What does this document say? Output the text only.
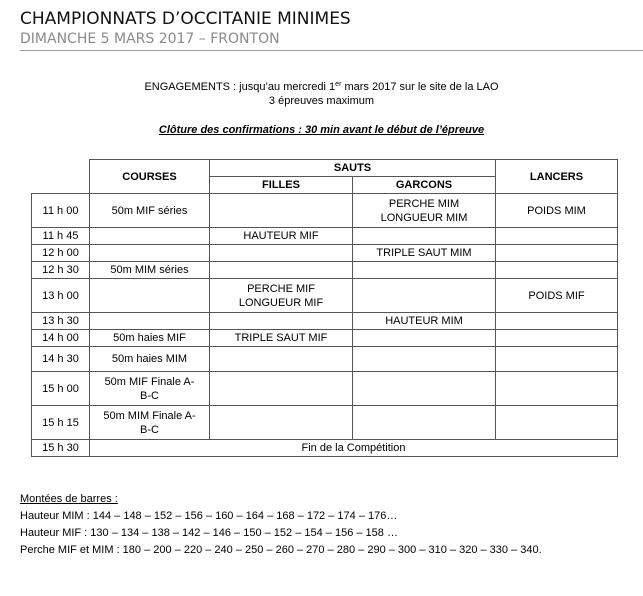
CHAMPIONNATS D’OCCITANIE MINIMES
DIMANCHE 5 MARS 2017 – FRONTON
ENGAGEMENTS : jusqu’au mercredi 1er mars 2017 sur le site de la LAO
3 épreuves maximum
Clôture des confirmations : 30 min avant le début de l’épreuve
	COURSES	SAUTS		LANCERS
		FILLES	GARCONS	
11 h 00	50m MIF séries		PERCHE MIM
LONGUEUR MIM	POIDS MIM
11 h 45		HAUTEUR MIF		
12 h 00			TRIPLE SAUT MIM	
12 h 30	50m MIM séries			
13 h 00		PERCHE MIF
LONGUEUR MIF		POIDS MIF
13 h 30			HAUTEUR MIM	
14 h 00	50m haies MIF	TRIPLE SAUT MIF		
14 h 30	50m haies MIM			
15 h 00	50m MIF Finale A-
B-C			
15 h 15	50m MIM Finale A-
B-C			
15 h 30	Fin de la Compétition			
Montées de barres :
Hauteur MIM : 144 – 148 – 152 – 156 – 160 – 164 – 168 – 172 – 174 – 176…
Hauteur MIF : 130 – 134 – 138 – 142 – 146 – 150 – 152 – 154 – 156 – 158 …
Perche MIF et MIM : 180 – 200 – 220 – 240 – 250 – 260 – 270 – 280 – 290 – 300 – 310 – 320 – 330 – 340.
